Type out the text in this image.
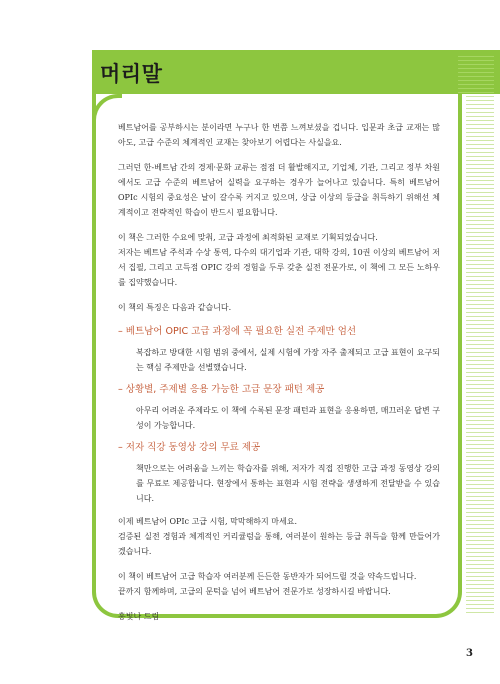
머리말

베트남어를 공부하시는 분이라면 누구나 한 번쯤 느껴보셨을 겁니다. 입문과 초급 교재는 많아도, 고급 수준의 체계적인 교재는 찾아보기 어렵다는 사실을요.

그러던 한-베트남 간의 경제·문화 교류는 점점 더 활발해지고, 기업체, 기관, 그리고 정부 차원에서도 고급 수준의 베트남어 실력을 요구하는 경우가 늘어나고 있습니다. 특히 베트남어 OPIc 시험의 중요성은 날이 갈수록 커지고 있으며, 상급 이상의 등급을 취득하기 위해선 체계적이고 전략적인 학습이 반드시 필요합니다.

이 책은 그러한 수요에 맞춰, 고급 과정에 최적화된 교재로 기획되었습니다.
저자는 베트남 주석과 수상 통역, 다수의 대기업과 기관, 대학 강의, 10권 이상의 베트남어 저서 집필, 그리고 고득점 OPIC 강의 경험을 두루 갖춘 실전 전문가로, 이 책에 그 모든 노하우를 집약했습니다.

이 책의 특징은 다음과 같습니다.

– 베트남어 OPIC 고급 과정에 꼭 필요한 실전 주제만 엄선

복잡하고 방대한 시험 범위 중에서, 실제 시험에 가장 자주 출제되고 고급 표현이 요구되는 핵심 주제만을 선별했습니다.

– 상황별, 주제별 응용 가능한 고급 문장 패턴 제공

아무리 어려운 주제라도 이 책에 수록된 문장 패턴과 표현을 응용하면, 매끄러운 답변 구성이 가능합니다.

– 저자 직강 동영상 강의 무료 제공

책만으로는 어려움을 느끼는 학습자를 위해, 저자가 직접 진행한 고급 과정 동영상 강의를 무료로 제공합니다. 현장에서 통하는 표현과 시험 전략을 생생하게 전달받을 수 있습니다.

이제 베트남어 OPIc 고급 시험, 막막해하지 마세요.
검증된 실전 경험과 체계적인 커리큘럼을 통해, 여러분이 원하는 등급 취득을 함께 만들어가겠습니다.

이 책이 베트남어 고급 학습자 여러분께 든든한 동반자가 되어드릴 것을 약속드립니다.
끝까지 함께하며, 고급의 문턱을 넘어 베트남어 전문가로 성장하시길 바랍니다.

홍빛나 드림

3
